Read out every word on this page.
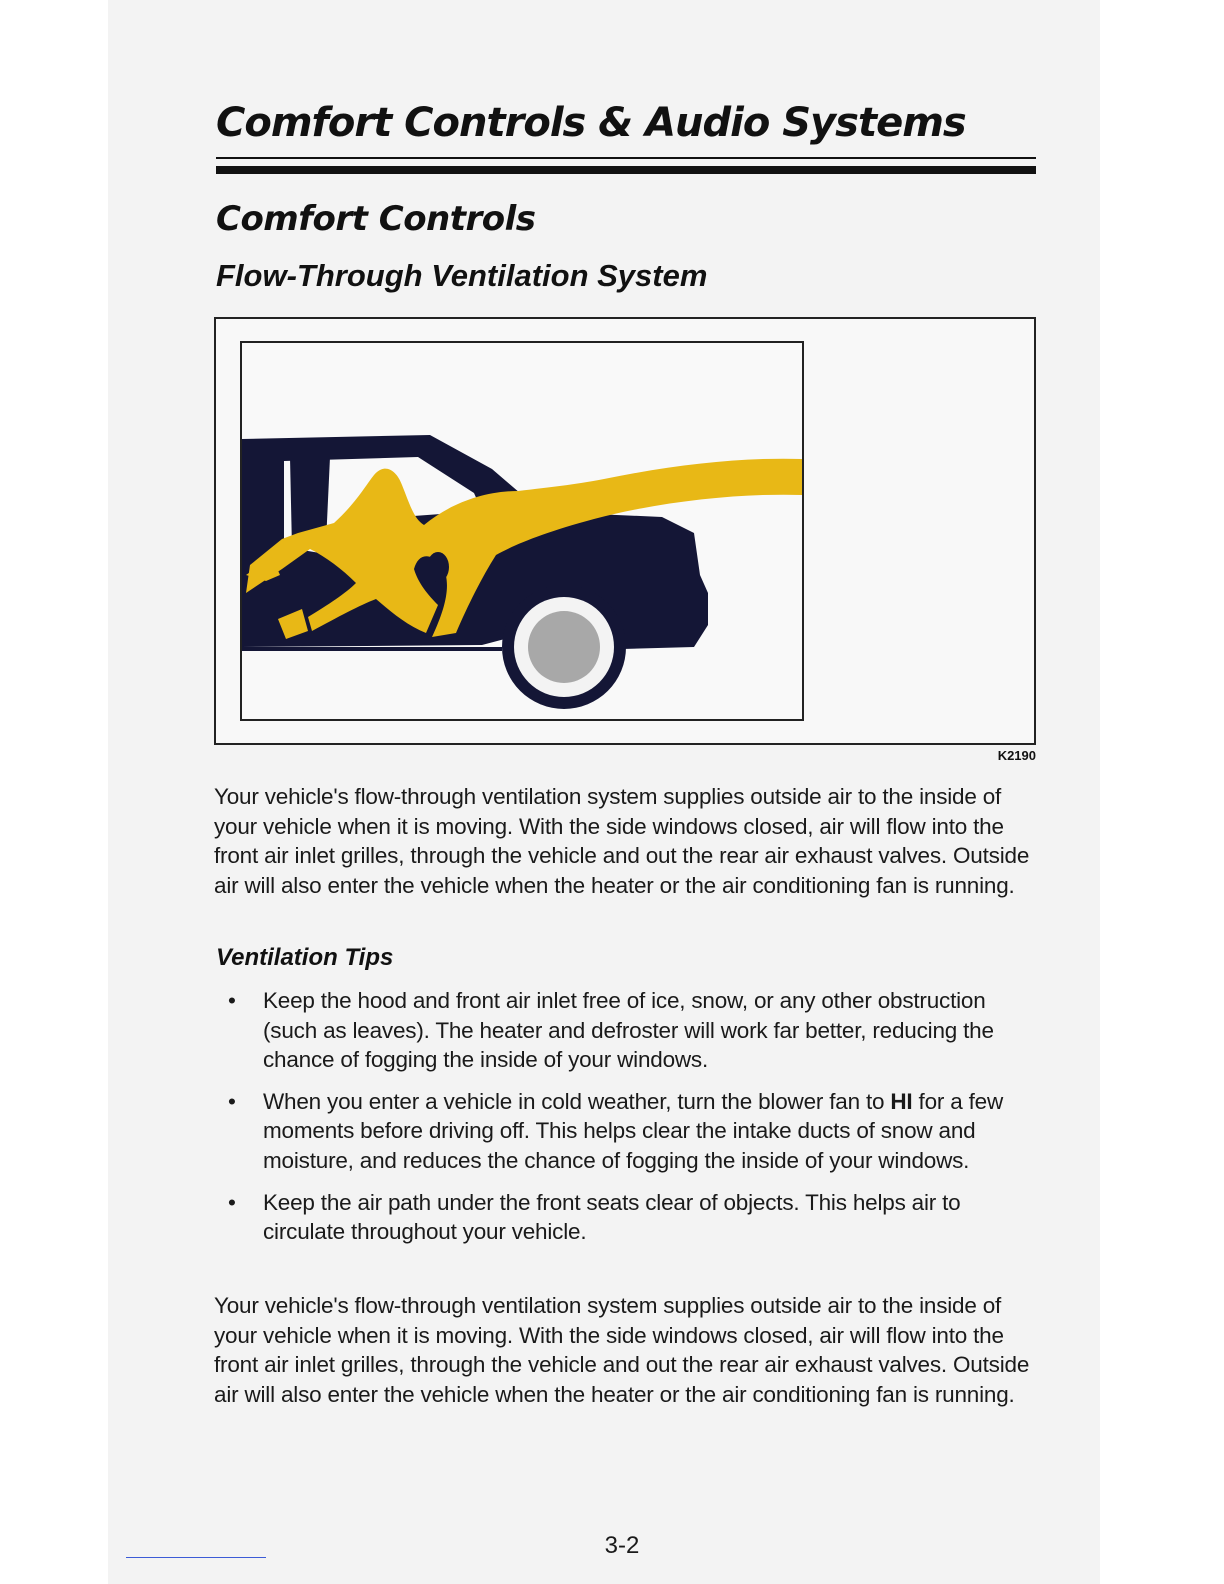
Comfort Controls & Audio Systems
Comfort Controls
Flow-Through Ventilation System
K2190

Your vehicle's flow-through ventilation system supplies outside air to the inside of your vehicle when it is moving. With the side windows closed, air will flow into the front air inlet grilles, through the vehicle and out the rear air exhaust valves. Outside air will also enter the vehicle when the heater or the air conditioning fan is running.

Ventilation Tips
• Keep the hood and front air inlet free of ice, snow, or any other obstruction (such as leaves). The heater and defroster will work far better, reducing the chance of fogging the inside of your windows.
• When you enter a vehicle in cold weather, turn the blower fan to HI for a few moments before driving off. This helps clear the intake ducts of snow and moisture, and reduces the chance of fogging the inside of your windows.
• Keep the air path under the front seats clear of objects. This helps air to circulate throughout your vehicle.

Your vehicle's flow-through ventilation system supplies outside air to the inside of your vehicle when it is moving. With the side windows closed, air will flow into the front air inlet grilles, through the vehicle and out the rear air exhaust valves. Outside air will also enter the vehicle when the heater or the air conditioning fan is running.

3-2
